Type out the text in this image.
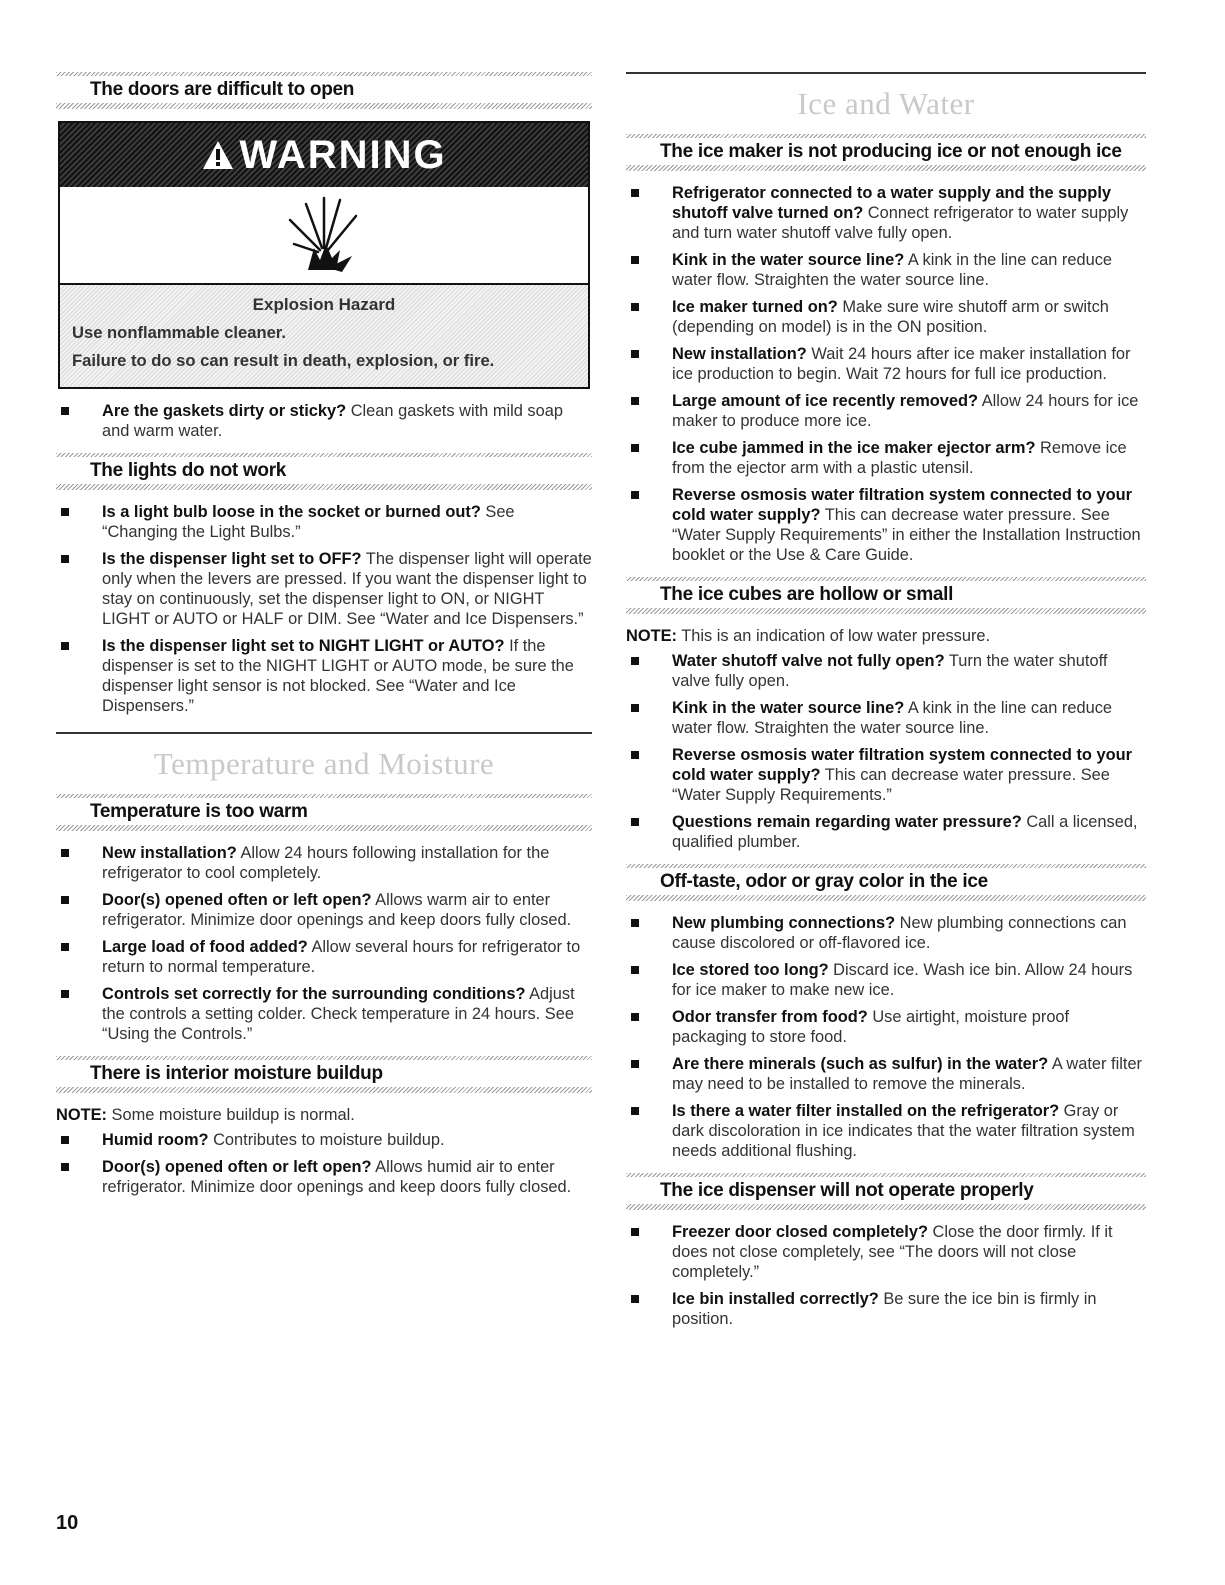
The doors are difficult to open
WARNING
Explosion Hazard

Use nonflammable cleaner.

Failure to do so can result in death, explosion, or fire.

Are the gaskets dirty or sticky? Clean gaskets with mild soap and warm water.
The lights do not work
Is a light bulb loose in the socket or burned out? See “Changing the Light Bulbs.”
Is the dispenser light set to OFF? The dispenser light will operate only when the levers are pressed. If you want the dispenser light to stay on continuously, set the dispenser light to ON, or NIGHT LIGHT or AUTO or HALF or DIM. See “Water and Ice Dispensers.”
Is the dispenser light set to NIGHT LIGHT or AUTO? If the dispenser is set to the NIGHT LIGHT or AUTO mode, be sure the dispenser light sensor is not blocked. See “Water and Ice Dispensers.”
Temperature and Moisture
Temperature is too warm
New installation? Allow 24 hours following installation for the refrigerator to cool completely.
Door(s) opened often or left open? Allows warm air to enter refrigerator. Minimize door openings and keep doors fully closed.
Large load of food added? Allow several hours for refrigerator to return to normal temperature.
Controls set correctly for the surrounding conditions? Adjust the controls a setting colder. Check temperature in 24 hours. See “Using the Controls.”
There is interior moisture buildup
NOTE: Some moisture buildup is normal.
Humid room? Contributes to moisture buildup.
Door(s) opened often or left open? Allows humid air to enter refrigerator. Minimize door openings and keep doors fully closed.
Ice and Water
The ice maker is not producing ice or not enough ice
Refrigerator connected to a water supply and the supply shutoff valve turned on? Connect refrigerator to water supply and turn water shutoff valve fully open.
Kink in the water source line? A kink in the line can reduce water flow. Straighten the water source line.
Ice maker turned on? Make sure wire shutoff arm or switch (depending on model) is in the ON position.
New installation? Wait 24 hours after ice maker installation for ice production to begin. Wait 72 hours for full ice production.
Large amount of ice recently removed? Allow 24 hours for ice maker to produce more ice.
Ice cube jammed in the ice maker ejector arm? Remove ice from the ejector arm with a plastic utensil.
Reverse osmosis water filtration system connected to your cold water supply? This can decrease water pressure. See “Water Supply Requirements” in either the Installation Instruction booklet or the Use & Care Guide.
The ice cubes are hollow or small
NOTE: This is an indication of low water pressure.
Water shutoff valve not fully open? Turn the water shutoff valve fully open.
Kink in the water source line? A kink in the line can reduce water flow. Straighten the water source line.
Reverse osmosis water filtration system connected to your cold water supply? This can decrease water pressure. See “Water Supply Requirements.”
Questions remain regarding water pressure? Call a licensed, qualified plumber.
Off-taste, odor or gray color in the ice
New plumbing connections? New plumbing connections can cause discolored or off-flavored ice.
Ice stored too long? Discard ice. Wash ice bin. Allow 24 hours for ice maker to make new ice.
Odor transfer from food? Use airtight, moisture proof packaging to store food.
Are there minerals (such as sulfur) in the water? A water filter may need to be installed to remove the minerals.
Is there a water filter installed on the refrigerator? Gray or dark discoloration in ice indicates that the water filtration system needs additional flushing.
The ice dispenser will not operate properly
Freezer door closed completely? Close the door firmly. If it does not close completely, see “The doors will not close completely.”
Ice bin installed correctly? Be sure the ice bin is firmly in position.
10
